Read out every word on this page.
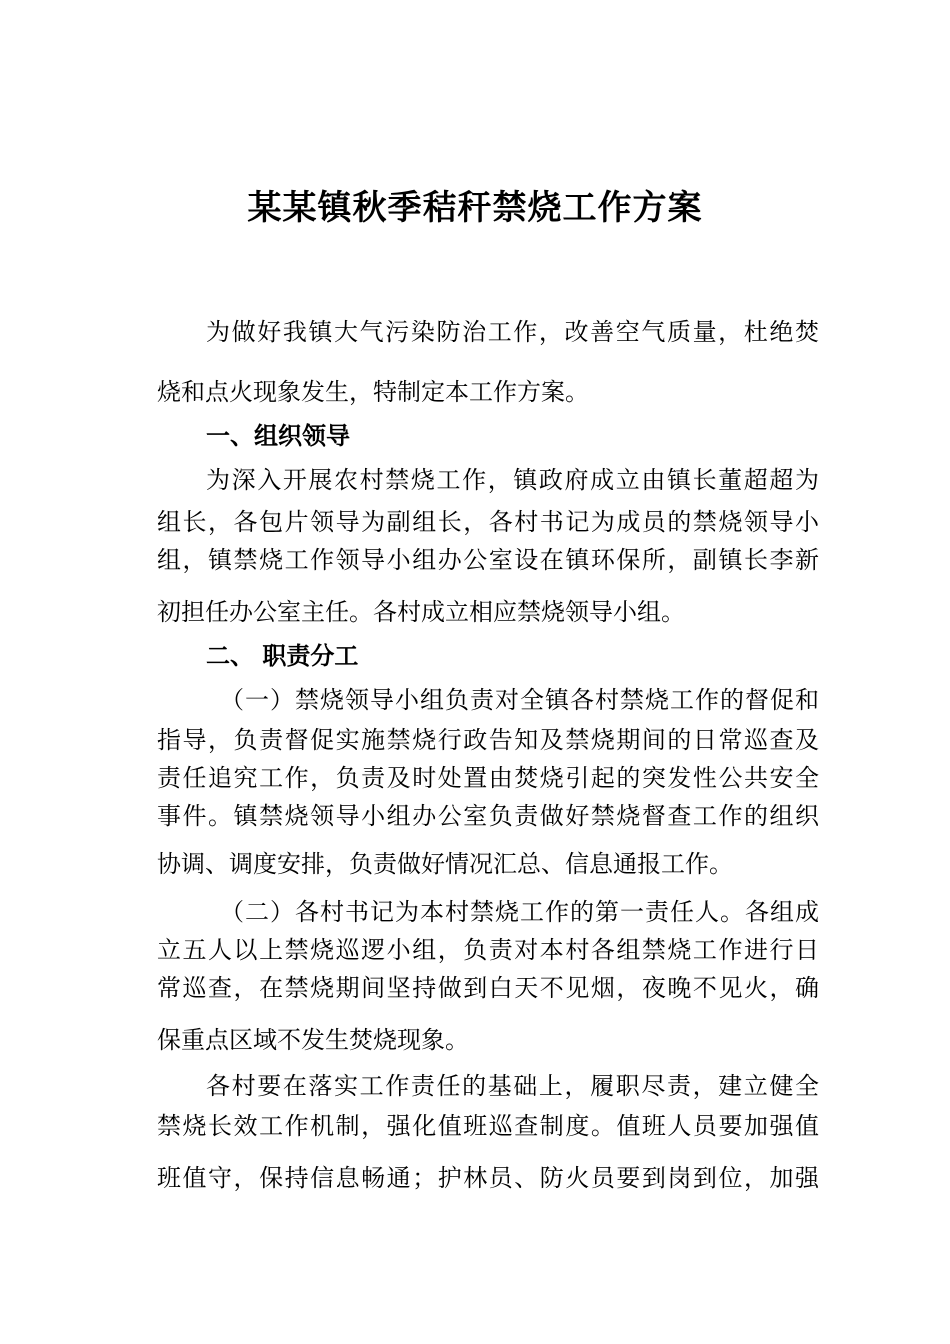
某某镇秋季秸秆禁烧工作方案
为做好我镇大气污染防治工作，改善空气质量，杜绝焚
烧和点火现象发生，特制定本工作方案。
一、组织领导
为深入开展农村禁烧工作，镇政府成立由镇长董超超为
组长，各包片领导为副组长，各村书记为成员的禁烧领导小
组，镇禁烧工作领导小组办公室设在镇环保所，副镇长李新
初担任办公室主任。各村成立相应禁烧领导小组。
二、 职责分工
（一）禁烧领导小组负责对全镇各村禁烧工作的督促和
指导，负责督促实施禁烧行政告知及禁烧期间的日常巡查及
责任追究工作，负责及时处置由焚烧引起的突发性公共安全
事件。镇禁烧领导小组办公室负责做好禁烧督查工作的组织
协调、调度安排，负责做好情况汇总、信息通报工作。
（二）各村书记为本村禁烧工作的第一责任人。各组成
立五人以上禁烧巡逻小组，负责对本村各组禁烧工作进行日
常巡查，在禁烧期间坚持做到白天不见烟，夜晚不见火，确
保重点区域不发生焚烧现象。
各村要在落实工作责任的基础上，履职尽责，建立健全
禁烧长效工作机制，强化值班巡查制度。值班人员要加强值
班值守，保持信息畅通；护林员、防火员要到岗到位，加强
